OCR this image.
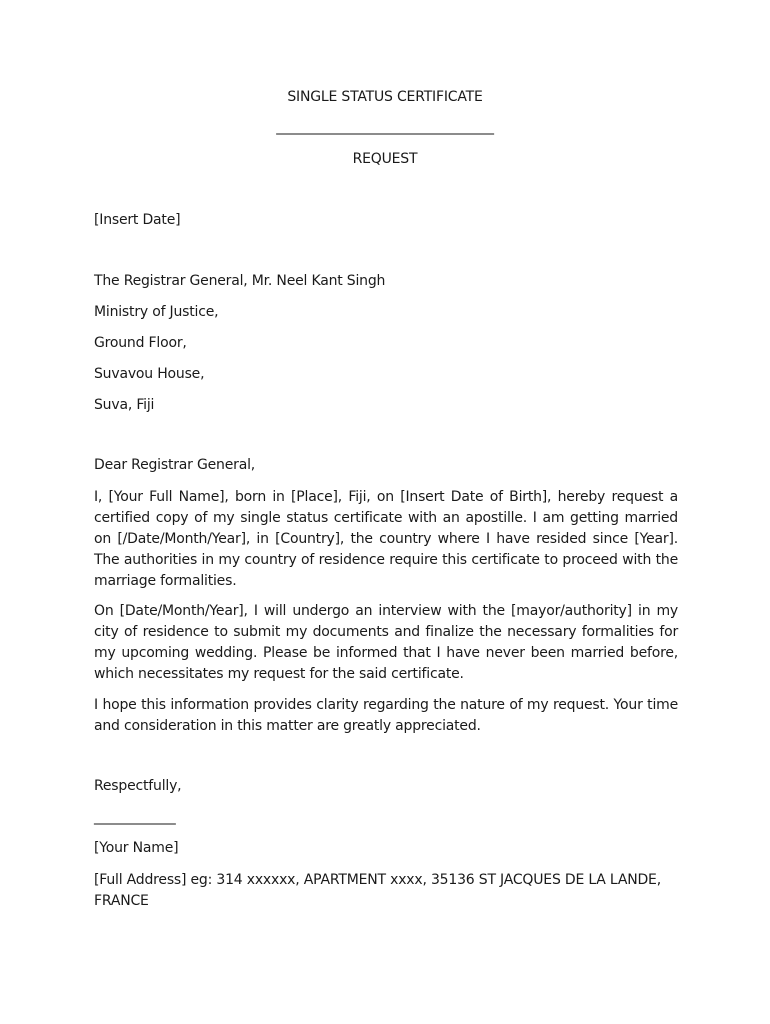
SINGLE STATUS CERTIFICATE
________________________________
REQUEST
[Insert Date]
The Registrar General, Mr. Neel Kant Singh
Ministry of Justice,
Ground Floor,
Suvavou House,
Suva, Fiji
Dear Registrar General,
I, [Your Full Name], born in [Place], Fiji, on [Insert Date of Birth], hereby request a certified copy of my single status certificate with an apostille. I am getting married on [/Date/Month/Year], in [Country], the country where I have resided since [Year]. The authorities in my country of residence require this certificate to proceed with the marriage formalities.
On [Date/Month/Year], I will undergo an interview with the [mayor/authority] in my city of residence to submit my documents and finalize the necessary formalities for my upcoming wedding. Please be informed that I have never been married before, which necessitates my request for the said certificate.
I hope this information provides clarity regarding the nature of my request. Your time and consideration in this matter are greatly appreciated.
Respectfully,
____________
[Your Name]
[Full Address] eg: 314 xxxxxx, APARTMENT xxxx, 35136 ST JACQUES DE LA LANDE, FRANCE
